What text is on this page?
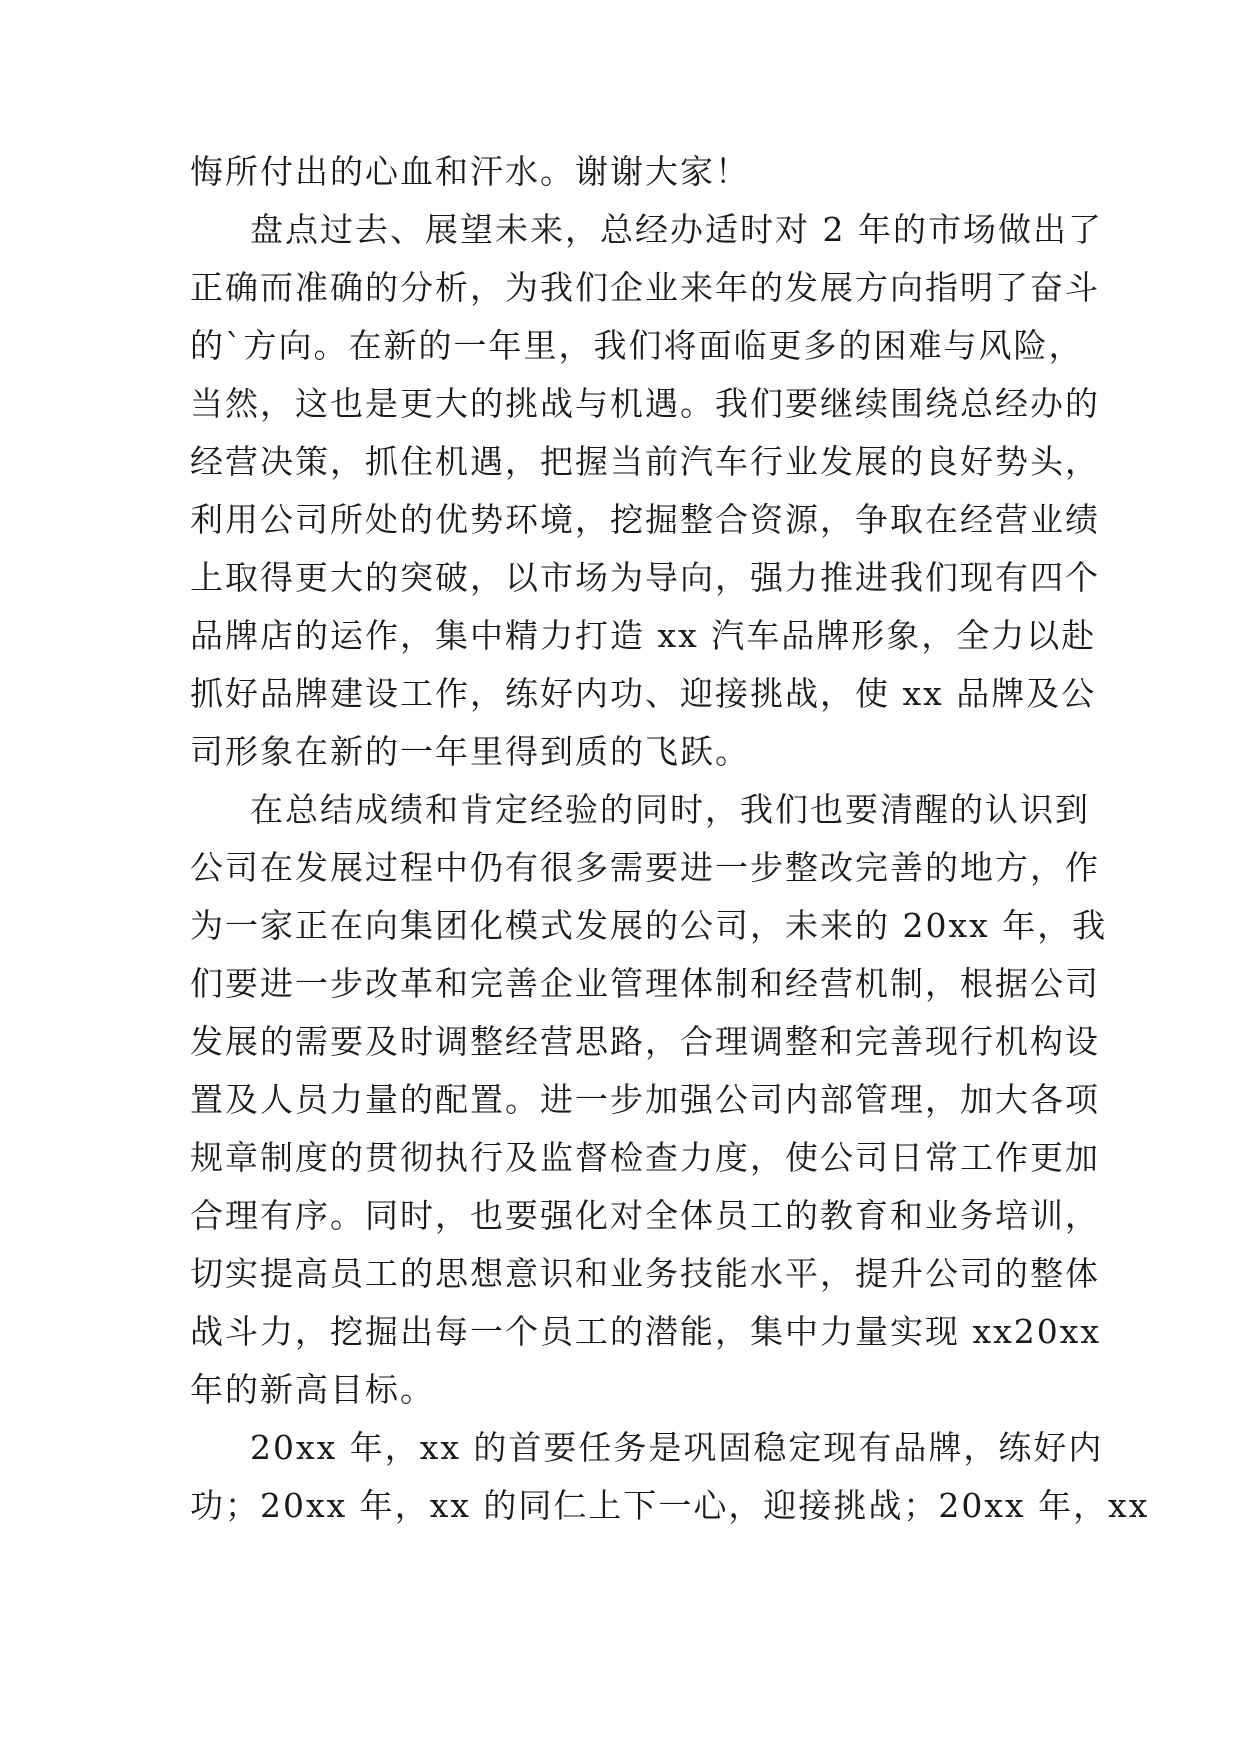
悔所付出的心血和汗水。谢谢大家！
盘点过去、展望未来，总经办适时对 2 年的市场做出了
正确而准确的分析，为我们企业来年的发展方向指明了奋斗
的`方向。在新的一年里，我们将面临更多的困难与风险，
当然，这也是更大的挑战与机遇。我们要继续围绕总经办的
经营决策，抓住机遇，把握当前汽车行业发展的良好势头，
利用公司所处的优势环境，挖掘整合资源，争取在经营业绩
上取得更大的突破，以市场为导向，强力推进我们现有四个
品牌店的运作，集中精力打造 xx 汽车品牌形象，全力以赴
抓好品牌建设工作，练好内功、迎接挑战，使 xx 品牌及公
司形象在新的一年里得到质的飞跃。
在总结成绩和肯定经验的同时，我们也要清醒的认识到
公司在发展过程中仍有很多需要进一步整改完善的地方，作
为一家正在向集团化模式发展的公司，未来的 20xx 年，我
们要进一步改革和完善企业管理体制和经营机制，根据公司
发展的需要及时调整经营思路，合理调整和完善现行机构设
置及人员力量的配置。进一步加强公司内部管理，加大各项
规章制度的贯彻执行及监督检查力度，使公司日常工作更加
合理有序。同时，也要强化对全体员工的教育和业务培训，
切实提高员工的思想意识和业务技能水平，提升公司的整体
战斗力，挖掘出每一个员工的潜能，集中力量实现 xx20xx
年的新高目标。
20xx 年，xx 的首要任务是巩固稳定现有品牌，练好内
功；20xx 年，xx 的同仁上下一心，迎接挑战；20xx 年，xx
